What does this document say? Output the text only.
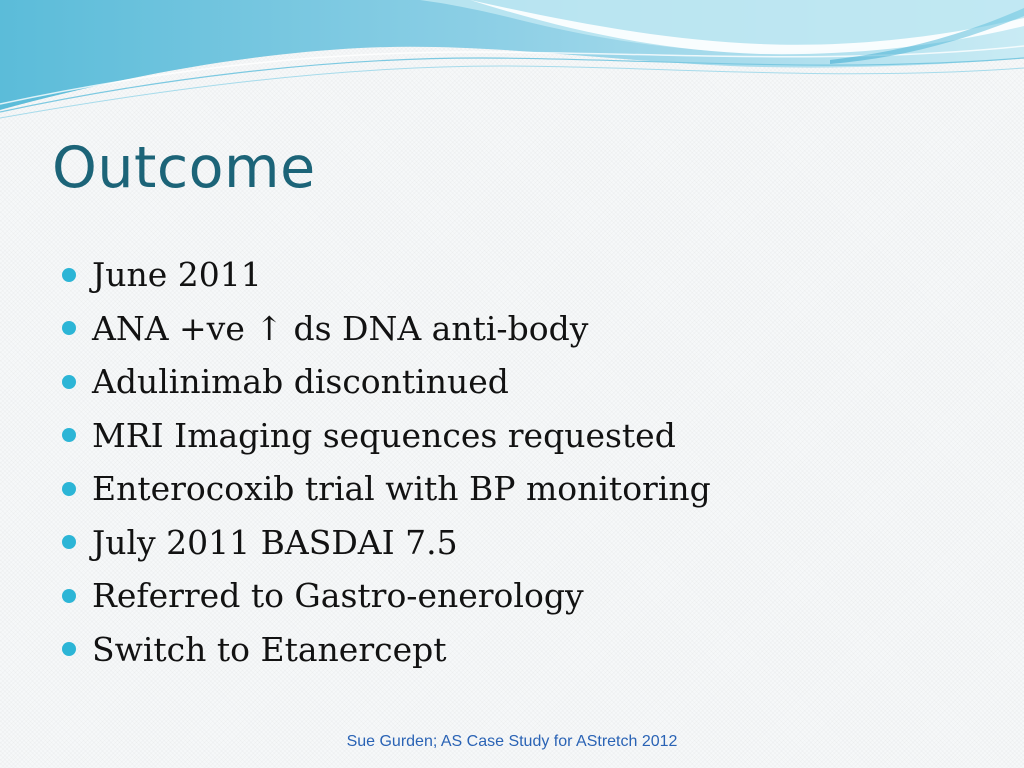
Outcome
June 2011
ANA +ve ↑ ds DNA anti-body
Adulinimab discontinued
MRI Imaging sequences requested
Enterocoxib trial with BP monitoring
July 2011 BASDAI 7.5
Referred to Gastro-enerology
Switch to Etanercept
Sue Gurden; AS Case Study for AStretch 2012
